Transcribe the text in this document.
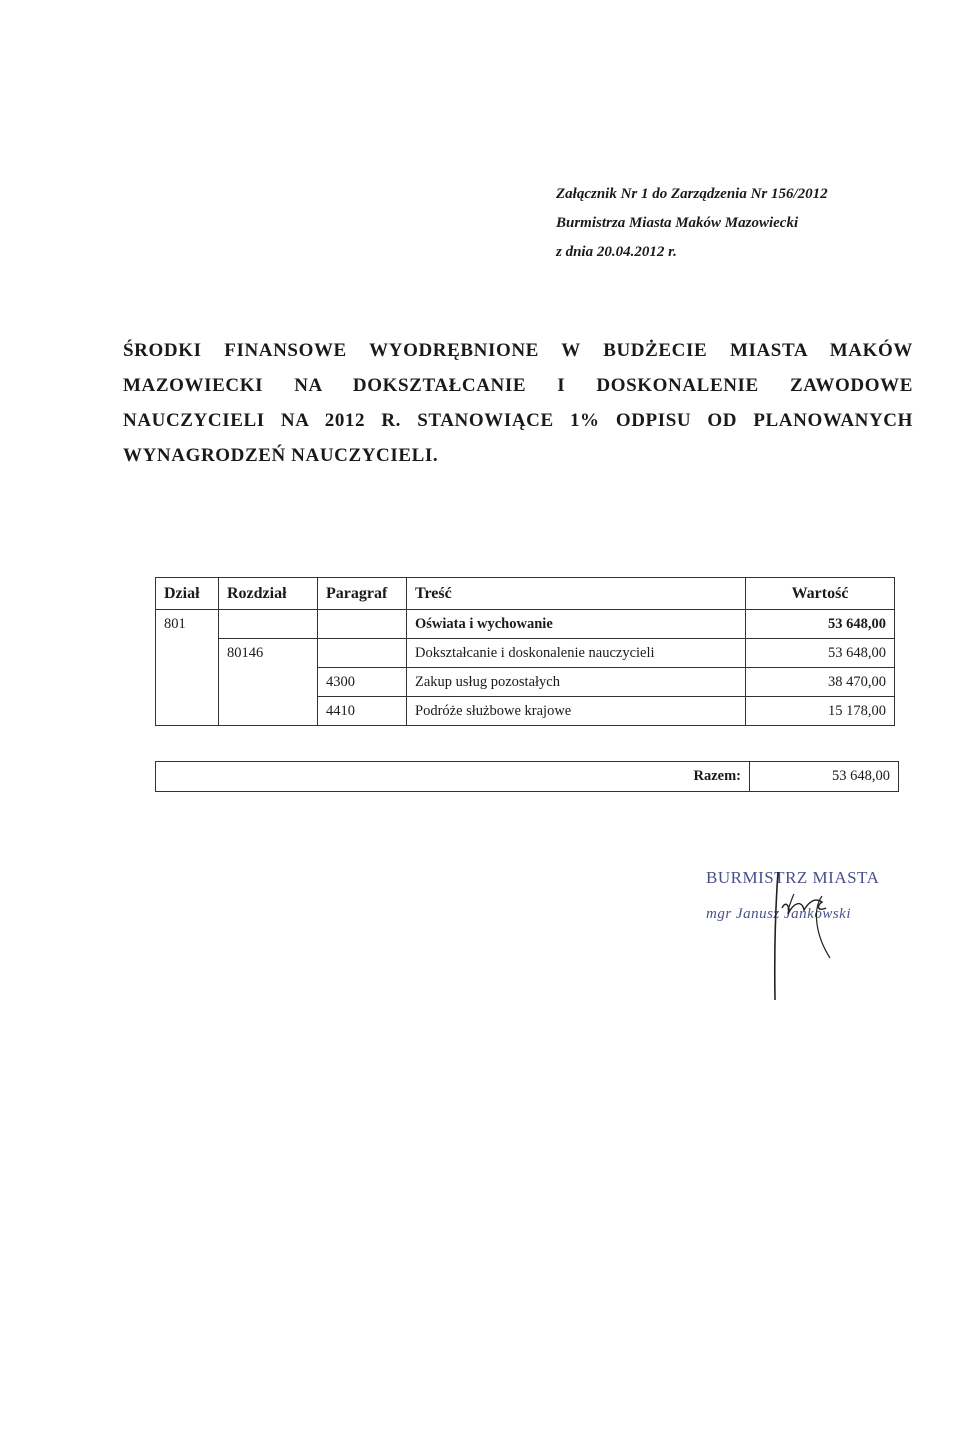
Załącznik Nr 1 do Zarządzenia Nr 156/2012
Burmistrza Miasta Maków Mazowiecki
z dnia 20.04.2012 r.

ŚRODKI FINANSOWE WYODRĘBNIONE W BUDŻECIE MIASTA MAKÓW MAZOWIECKI NA DOKSZTAŁCANIE I DOSKONALENIE ZAWODOWE NAUCZYCIELI NA 2012 R. STANOWIĄCE 1% ODPISU OD PLANOWANYCH WYNAGRODZEŃ NAUCZYCIELI.

Dział	Rozdział	Paragraf	Treść	Wartość
801			Oświata i wychowanie	53 648,00
	80146		Dokształcanie i doskonalenie nauczycieli	53 648,00
		4300	Zakup usług pozostałych	38 470,00
		4410	Podróże służbowe krajowe	15 178,00
Razem:	53 648,00
BURMISTRZ MIASTA
mgr Janusz Jankowski
